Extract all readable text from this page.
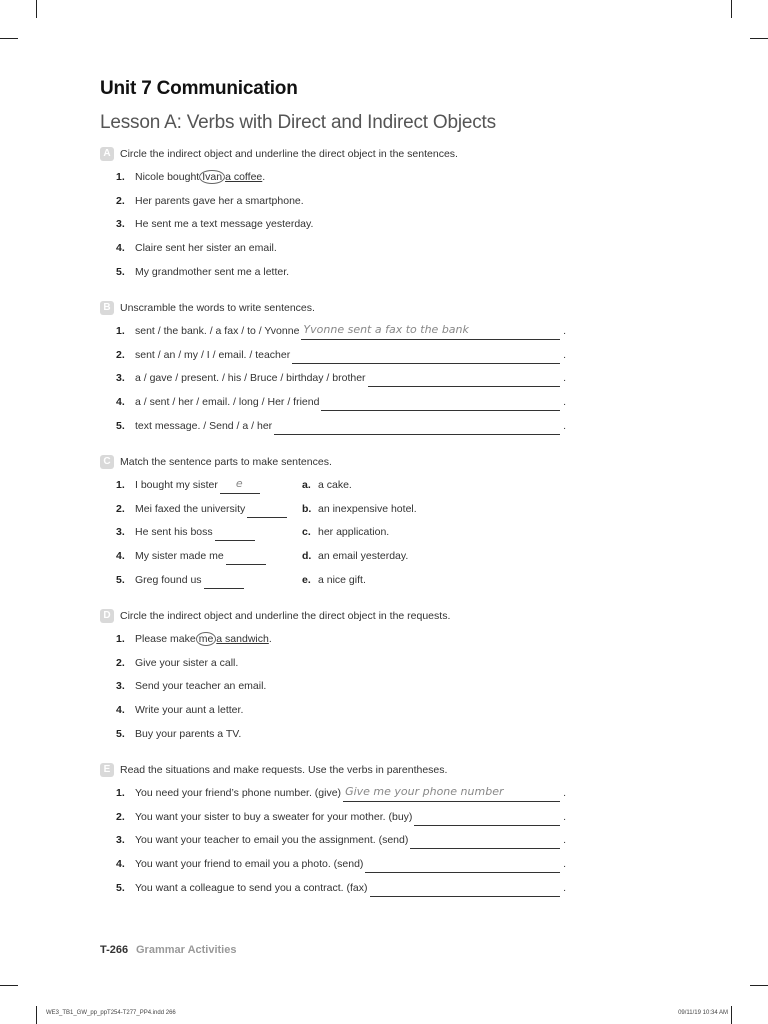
Unit 7 Communication
Lesson A: Verbs with Direct and Indirect Objects
A Circle the indirect object and underline the direct object in the sentences.
1. Nicole bought Ivan a coffee.
2. Her parents gave her a smartphone.
3. He sent me a text message yesterday.
4. Claire sent her sister an email.
5. My grandmother sent me a letter.
B Unscramble the words to write sentences.
1. sent / the bank. / a fax / to / Yvonne Yvonne sent a fax to the bank	.
2. sent / an / my / I / email. / teacher	.
3. a / gave / present. / his / Bruce / birthday / brother	.
4. a / sent / her / email. / long / Her / friend	.
5. text message. / Send / a / her	.
C Match the sentence parts to make sentences.
1. I bought my sister e	a. a cake.
2. Mei faxed the university	b. an inexpensive hotel.
3. He sent his boss	c. her application.
4. My sister made me	d. an email yesterday.
5. Greg found us	e. a nice gift.
D Circle the indirect object and underline the direct object in the requests.
1. Please make me a sandwich.
2. Give your sister a call.
3. Send your teacher an email.
4. Write your aunt a letter.
5. Buy your parents a TV.
E Read the situations and make requests. Use the verbs in parentheses.
1. You need your friend’s phone number. (give) Give me your phone number	.
2. You want your sister to buy a sweater for your mother. (buy)	.
3. You want your teacher to email you the assignment. (send)	.
4. You want your friend to email you a photo. (send)	.
5. You want a colleague to send you a contract. (fax)	.
T-266 Grammar Activities
WE3_TB1_GW_pp_ppT254-T277_PP4.indd 266	09/11/19 10:34 AM
